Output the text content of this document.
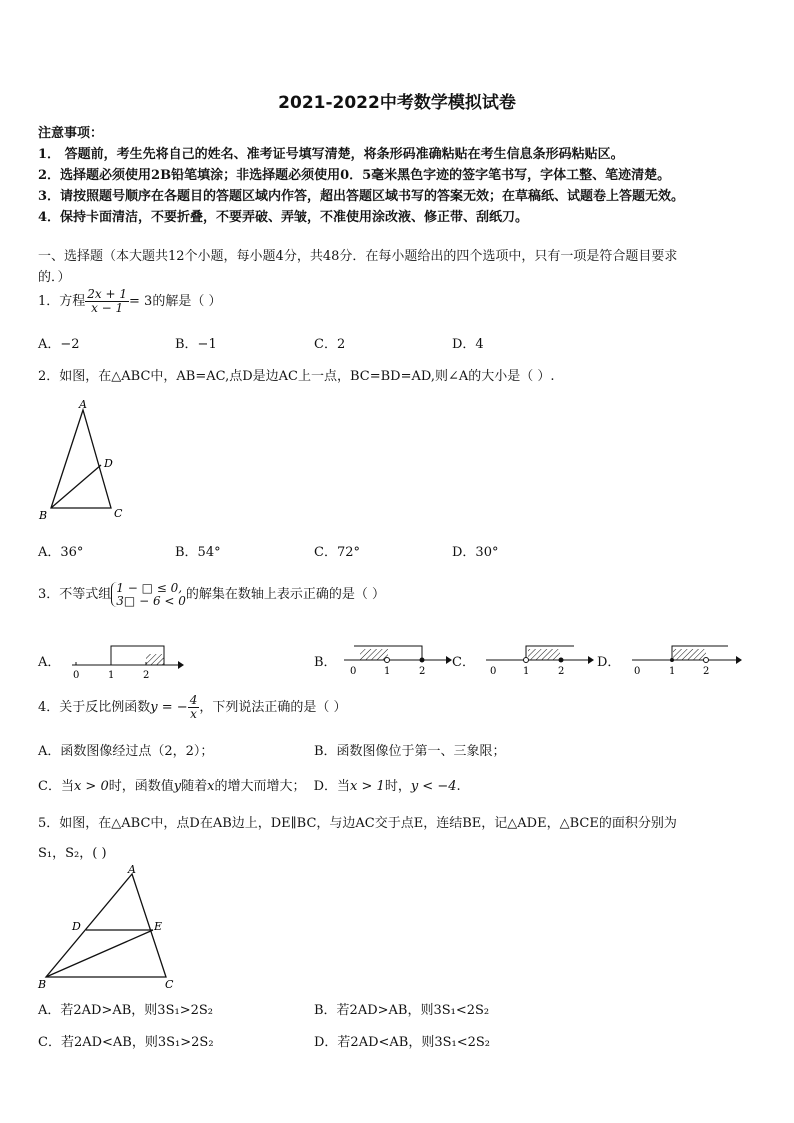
2021-2022中考数学模拟试卷
注意事项：
1． 答题前，考生先将自己的姓名、准考证号填写清楚，将条形码准确粘贴在考生信息条形码粘贴区。
2．选择题必须使用2B铅笔填涂；非选择题必须使用0．5毫米黑色字迹的签字笔书写，字体工整、笔迹清楚。
3．请按照题号顺序在各题目的答题区域内作答，超出答题区域书写的答案无效；在草稿纸、试题卷上答题无效。
4．保持卡面清洁，不要折叠，不要弄破、弄皱，不准使用涂改液、修正带、刮纸刀。
一、选择题（本大题共12个小题，每小题4分，共48分．在每小题给出的四个选项中，只有一项是符合题目要求
的．）
1．方程 $\frac{2x + 1}{x - 1} = 3$的解是（ ）
A．−2	B．−1	C．2	D．4
2．如图，在△ABC中，AB=AC,点D是边AC上一点，BC=BD=AD,则∠A的大小是（ ）.
A
D
B	C
A．36°	B．54°	C．72°	D．30°
3．不等式组 1 − □ ≤ 0,
3□ − 6 < 0 的解集在数轴上表示正确的是（ ）
A．
0	1	2
B．
0	1	2
C．
0	1	2
D．
0	1	2
4．关于反比例函数y = − $\frac{4}{x}$ ，下列说法正确的是（ ）
A．函数图像经过点（2，2）；	B．函数图像位于第一、三象限；
C．当x > 0时，函数值y随着x的增大而增大； D．当x > 1时，y < −4.
5．如图，在△ABC中，点D在AB边上，DE∥BC，与边AC交于点E，连结BE，记△ADE，△BCE的面积分别为
S₁，S₂，( )
A
D	E
B	C
A．若2AD>AB，则3S₁>2S₂	B．若2AD>AB，则3S₁<2S₂
C．若2AD<AB，则3S₁>2S₂	D．若2AD<AB，则3S₁<2S₂
